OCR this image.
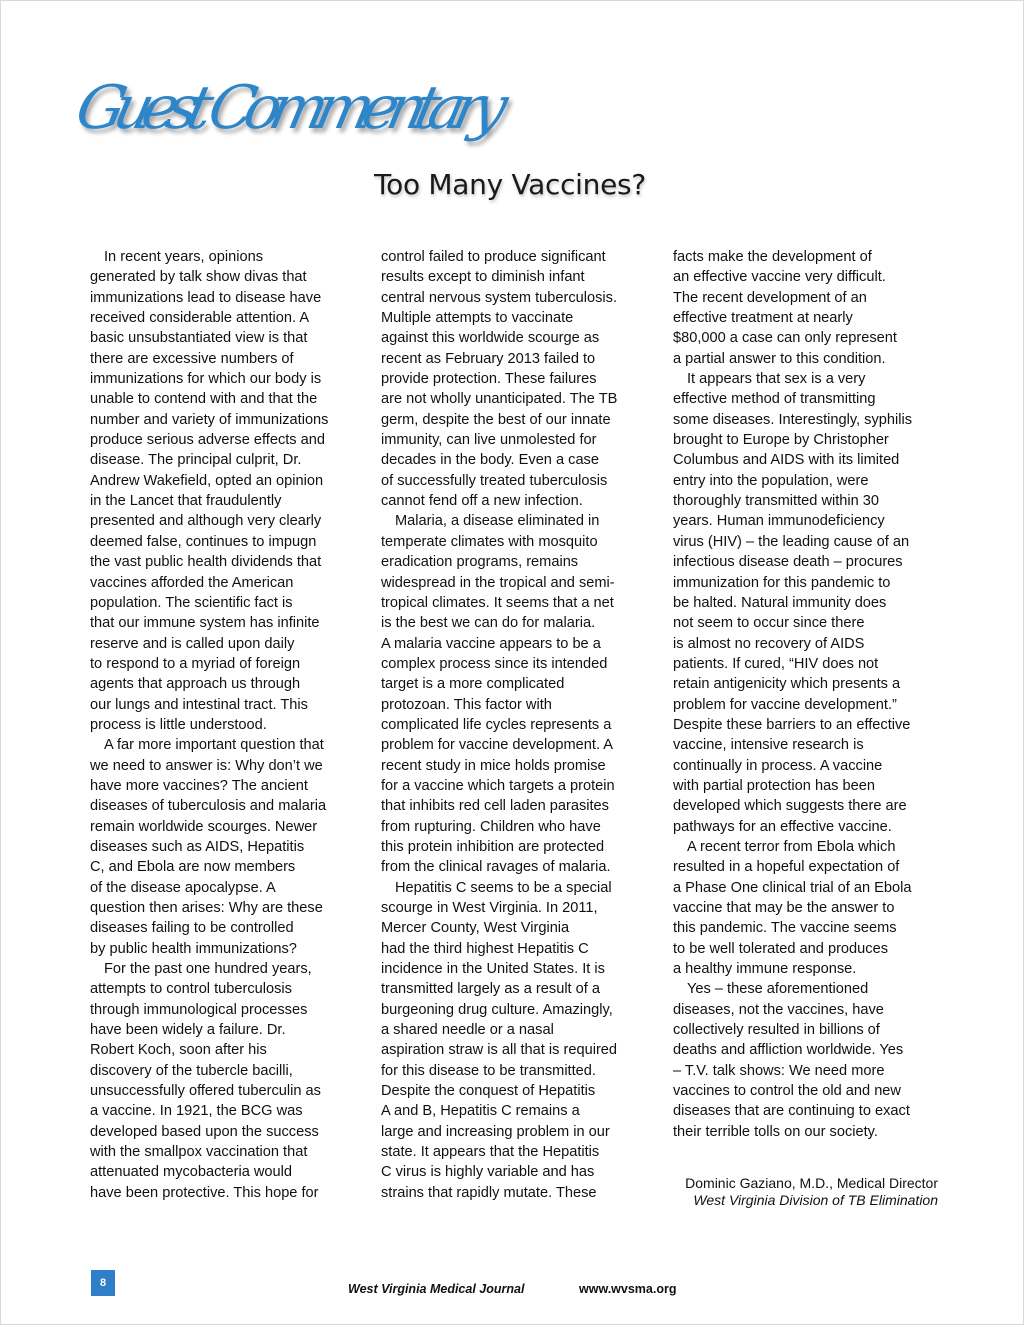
Guest Commentary
Too Many Vaccines?
In recent years, opinions
generated by talk show divas that
immunizations lead to disease have
received considerable attention. A
basic unsubstantiated view is that
there are excessive numbers of
immunizations for which our body is
unable to contend with and that the
number and variety of immunizations
produce serious adverse effects and
disease. The principal culprit, Dr.
Andrew Wakefield, opted an opinion
in the Lancet that fraudulently
presented and although very clearly
deemed false, continues to impugn
the vast public health dividends that
vaccines afforded the American
population. The scientific fact is
that our immune system has infinite
reserve and is called upon daily
to respond to a myriad of foreign
agents that approach us through
our lungs and intestinal tract. This
process is little understood.
A far more important question that
we need to answer is: Why don’t we
have more vaccines? The ancient
diseases of tuberculosis and malaria
remain worldwide scourges. Newer
diseases such as AIDS, Hepatitis
C, and Ebola are now members
of the disease apocalypse. A
question then arises: Why are these
diseases failing to be controlled
by public health immunizations?
For the past one hundred years,
attempts to control tuberculosis
through immunological processes
have been widely a failure. Dr.
Robert Koch, soon after his
discovery of the tubercle bacilli,
unsuccessfully offered tuberculin as
a vaccine. In 1921, the BCG was
developed based upon the success
with the smallpox vaccination that
attenuated mycobacteria would
have been protective. This hope for
control failed to produce significant
results except to diminish infant
central nervous system tuberculosis.
Multiple attempts to vaccinate
against this worldwide scourge as
recent as February 2013 failed to
provide protection. These failures
are not wholly unanticipated. The TB
germ, despite the best of our innate
immunity, can live unmolested for
decades in the body. Even a case
of successfully treated tuberculosis
cannot fend off a new infection.
Malaria, a disease eliminated in
temperate climates with mosquito
eradication programs, remains
widespread in the tropical and semi-
tropical climates. It seems that a net
is the best we can do for malaria.
A malaria vaccine appears to be a
complex process since its intended
target is a more complicated
protozoan. This factor with
complicated life cycles represents a
problem for vaccine development. A
recent study in mice holds promise
for a vaccine which targets a protein
that inhibits red cell laden parasites
from rupturing. Children who have
this protein inhibition are protected
from the clinical ravages of malaria.
Hepatitis C seems to be a special
scourge in West Virginia. In 2011,
Mercer County, West Virginia
had the third highest Hepatitis C
incidence in the United States. It is
transmitted largely as a result of a
burgeoning drug culture. Amazingly,
a shared needle or a nasal
aspiration straw is all that is required
for this disease to be transmitted.
Despite the conquest of Hepatitis
A and B, Hepatitis C remains a
large and increasing problem in our
state. It appears that the Hepatitis
C virus is highly variable and has
strains that rapidly mutate. These
facts make the development of
an effective vaccine very difficult.
The recent development of an
effective treatment at nearly
$80,000 a case can only represent
a partial answer to this condition.
It appears that sex is a very
effective method of transmitting
some diseases. Interestingly, syphilis
brought to Europe by Christopher
Columbus and AIDS with its limited
entry into the population, were
thoroughly transmitted within 30
years. Human immunodeficiency
virus (HIV) – the leading cause of an
infectious disease death – procures
immunization for this pandemic to
be halted. Natural immunity does
not seem to occur since there
is almost no recovery of AIDS
patients. If cured, “HIV does not
retain antigenicity which presents a
problem for vaccine development.”
Despite these barriers to an effective
vaccine, intensive research is
continually in process. A vaccine
with partial protection has been
developed which suggests there are
pathways for an effective vaccine.
A recent terror from Ebola which
resulted in a hopeful expectation of
a Phase One clinical trial of an Ebola
vaccine that may be the answer to
this pandemic. The vaccine seems
to be well tolerated and produces
a healthy immune response.
Yes – these aforementioned
diseases, not the vaccines, have
collectively resulted in billions of
deaths and affliction worldwide. Yes
– T.V. talk shows: We need more
vaccines to control the old and new
diseases that are continuing to exact
their terrible tolls on our society.
Dominic Gaziano, M.D., Medical Director
West Virginia Division of TB Elimination
8	West Virginia Medical Journal	www.wvsma.org
